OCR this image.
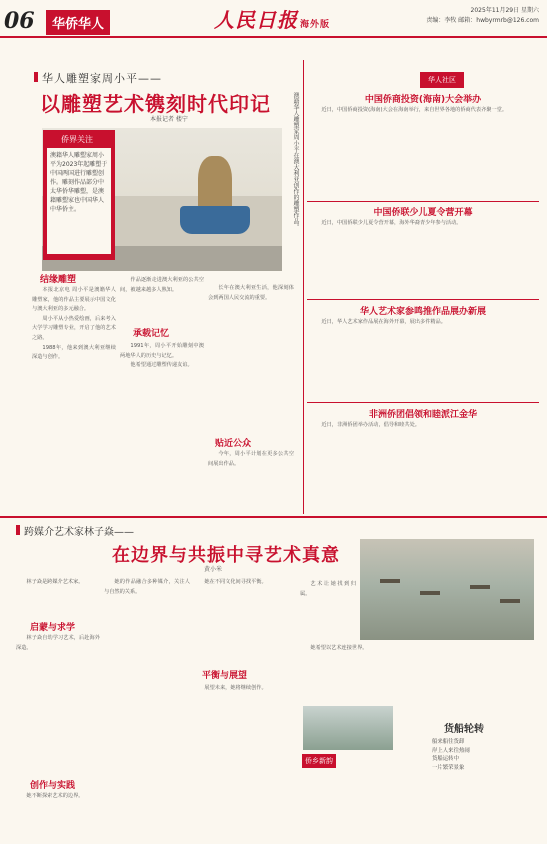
06	华侨华人	人民日报 海外版
2025年11月29日 星期六
责编：李牧 邮箱：hwbyrmrb@126.com
华人雕塑家周小平——
以雕塑艺术镌刻时代印记
本报记者 楼宁	澳籍华人雕塑家周小平在澳大利亚创作的雕塑作品。
侨界关注
澳籍华人雕塑家周小平为2023年起雕塑于中国两国进行雕塑创作。雕刻作品部分中太华侨华雕塑，是澳籍雕塑家也中国华人中华侨主。
结缘雕塑

本报北京电 周小平是澳籍华人雕塑家，他的作品主要展示中国文化与澳大利亚的多元融合。

周小平从小热爱绘画，后来考入大学学习雕塑专业，开启了他的艺术之路。

1988年，他来到澳大利亚继续深造与创作。

作品逐渐走进澳大利亚的公共空间，被越来越多人熟知。

承载记忆

1991年，周小平开始雕刻中澳两地华人的历史与记忆。

他希望通过雕塑传递友谊。

贴近公众

长年在澳大利亚生活，他深刻体会到两国人民交流的重要。

今年，周小平计划在更多公共空间展出作品。

华人社区
中国侨商投资(海南)大会举办

近日，中国侨商投资(海南)大会在海南举行，来自世界各地的侨商代表齐聚一堂。

中国侨联少儿夏令营开幕

近日，中国侨联少儿夏令营开幕，海外华裔青少年参与活动。

华人艺术家参鸣推作品展办新展

近日，华人艺术家作品展在海外开幕，展出多件精品。

非洲侨团倡领和睦派江金华

近日，非洲侨团举办活动，倡导和睦共处。

跨媒介艺术家林子焱——
在边界与共振中寻艺术真意
黄小米

林子焱是跨媒介艺术家。

启蒙与求学

林子焱自幼学习艺术，后赴海外深造。

创作与实践

她不断探索艺术的边界。

她的作品融合多种媒介，关注人与自然的关系。

平衡与展望

她在不同文化间寻找平衡。

展望未来，她将继续创作。

艺术让她找到归属。

她希望以艺术连接世界。

侨乡新韵
货船轮转
船来船往货卸
岸上人来往热闹
货船运转中
一片繁荣景象
